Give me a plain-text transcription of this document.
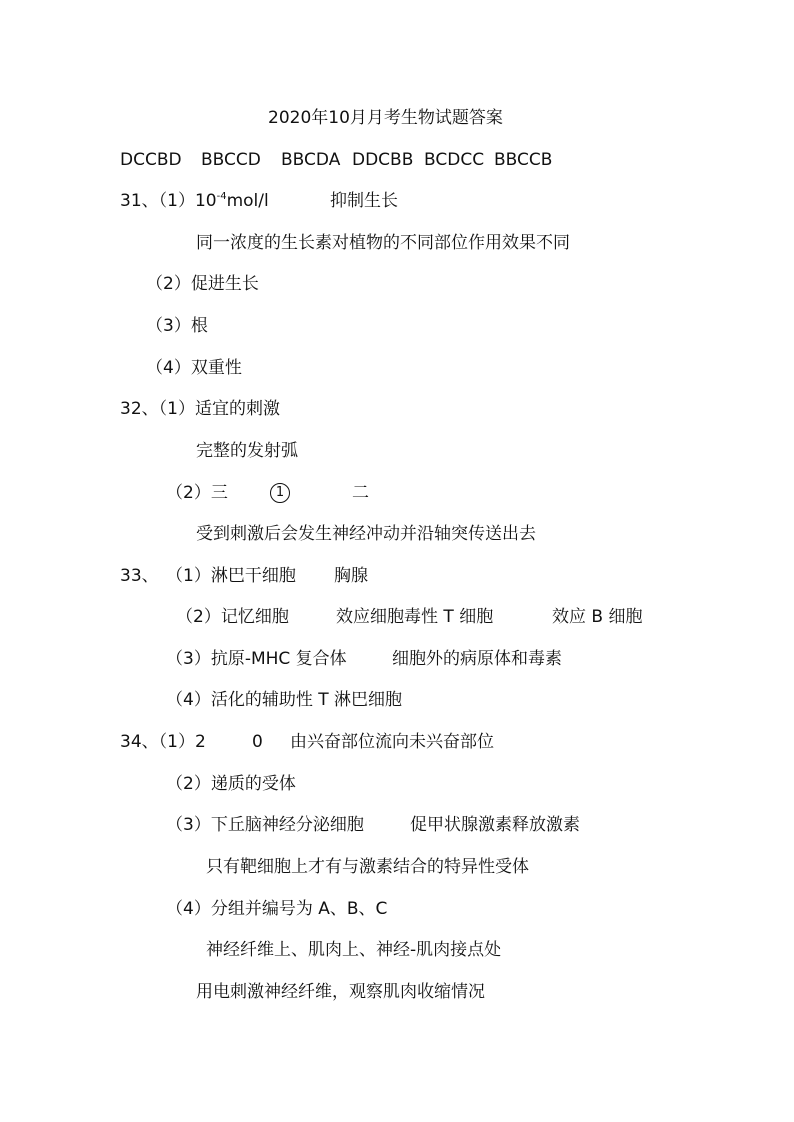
2020年10月月考生物试题答案
DCCBD BBCCD BBCDA DDCBB BCDCC BBCCB
31、$(1)10^{-4}mol/l$	抑制生长
同一浓度的生长素对植物的不同部位作用效果不同
（2）促进生长
（3）根
（4）双重性
32、（1）适宜的刺激
完整的发射弧
（2）三	1	二
受到刺激后会发生神经冲动并沿轴突传送出去
33、 （1）淋巴干细胞 胸腺
（2）记忆细胞	效应细胞毒性 T 细胞	效应 B 细胞
（3）抗原-MHC 复合体	细胞外的病原体和毒素
（4）活化的辅助性 T 淋巴细胞
34、（1）2	0 由兴奋部位流向未兴奋部位
（2）递质的受体
（3）下丘脑神经分泌细胞	促甲状腺激素释放激素
只有靶细胞上才有与激素结合的特异性受体
（4）分组并编号为 A、B、C
神经纤维上、肌肉上、神经-肌肉接点处
用电刺激神经纤维，观察肌肉收缩情况
